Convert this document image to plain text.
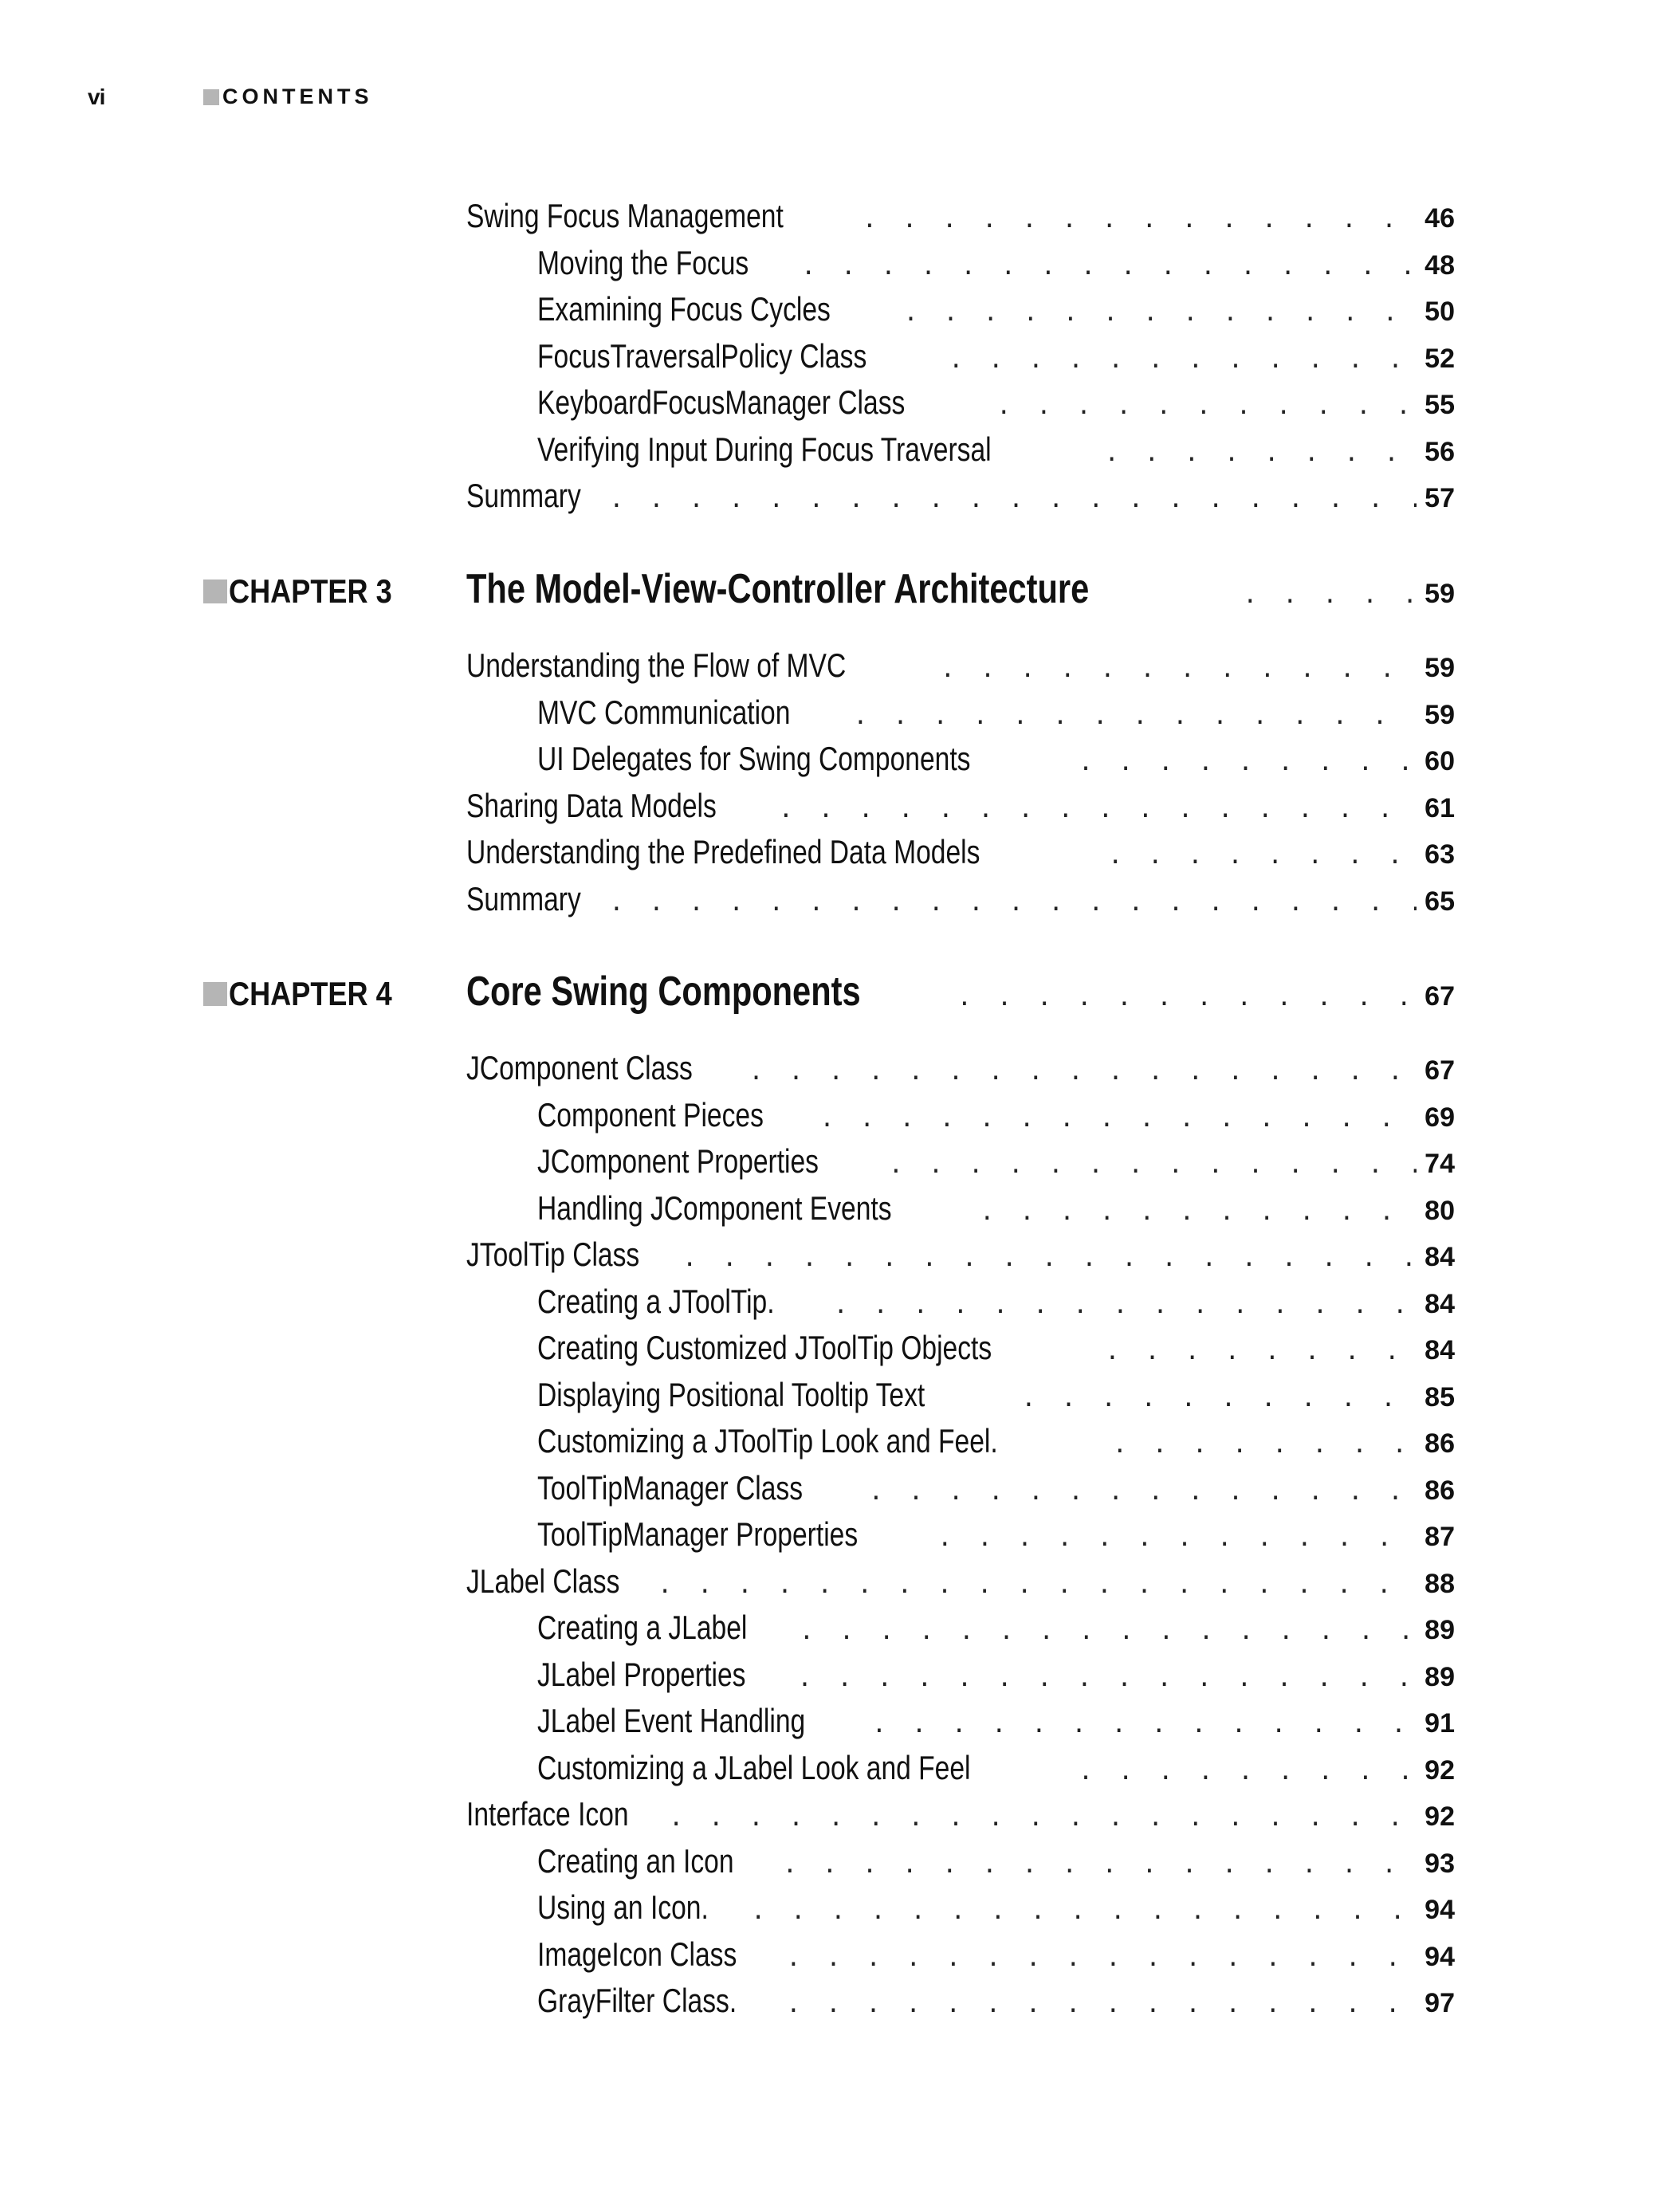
vi	CONTENTS
Swing Focus Management . . .	46
Moving the Focus . . .	48
Examining Focus Cycles . . .	50
FocusTraversalPolicy Class . . .	52
KeyboardFocusManager Class . . .	55
Verifying Input During Focus Traversal . . .	56
Summary . . .	57
CHAPTER 3 The Model-View-Controller Architecture . . .	59
Understanding the Flow of MVC . . .	59
MVC Communication . . .	59
UI Delegates for Swing Components . . .	60
Sharing Data Models . . .	61
Understanding the Predefined Data Models . . .	63
Summary . . .	65
CHAPTER 4 Core Swing Components . . .	67
JComponent Class . . .	67
Component Pieces . . .	69
JComponent Properties . . .	74
Handling JComponent Events . . .	80
JToolTip Class . . .	84
Creating a JToolTip. . . .	84
Creating Customized JToolTip Objects . . .	84
Displaying Positional Tooltip Text . . .	85
Customizing a JToolTip Look and Feel. . . .	86
ToolTipManager Class . . .	86
ToolTipManager Properties . . .	87
JLabel Class . . .	88
Creating a JLabel . . .	89
JLabel Properties . . .	89
JLabel Event Handling . . .	91
Customizing a JLabel Look and Feel . . .	92
Interface Icon . . .	92
Creating an Icon . . .	93
Using an Icon. . . .	94
ImageIcon Class . . .	94
GrayFilter Class. . . .	97
